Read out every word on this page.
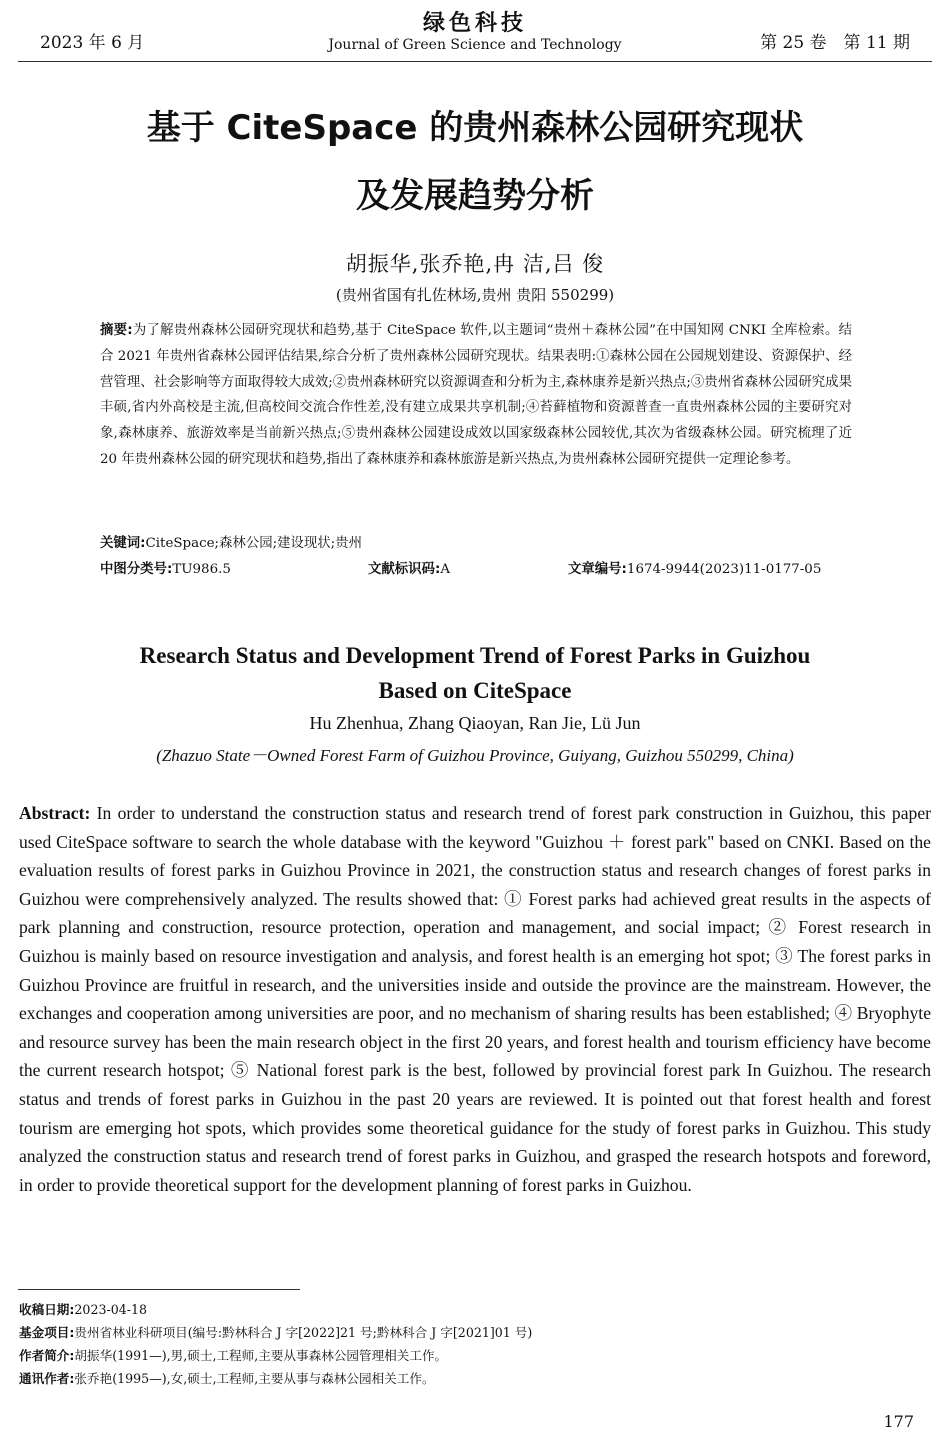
2023 年 6 月
绿色科技
Journal of Green Science and Technology	第 25 卷　第 11 期
基于 CiteSpace 的贵州森林公园研究现状
及发展趋势分析
胡振华,张乔艳,冉 洁,吕 俊
(贵州省国有扎佐林场,贵州 贵阳 550299)
摘要:为了解贵州森林公园研究现状和趋势,基于 CiteSpace 软件,以主题词“贵州＋森林公园”在中国知网 CNKI 全库检索。结合 2021 年贵州省森林公园评估结果,综合分析了贵州森林公园研究现状。结果表明:①森林公园在公园规划建设、资源保护、经营管理、社会影响等方面取得较大成效;②贵州森林研究以资源调查和分析为主,森林康养是新兴热点;③贵州省森林公园研究成果丰硕,省内外高校是主流,但高校间交流合作性差,没有建立成果共享机制;④苔藓植物和资源普查一直贵州森林公园的主要研究对象,森林康养、旅游效率是当前新兴热点;⑤贵州森林公园建设成效以国家级森林公园较优,其次为省级森林公园。研究梳理了近 20 年贵州森林公园的研究现状和趋势,指出了森林康养和森林旅游是新兴热点,为贵州森林公园研究提供一定理论参考。
关键词:CiteSpace;森林公园;建设现状;贵州
中图分类号:TU986.5	文献标识码:A	文章编号:1674-9944(2023)11-0177-05
Research Status and Development Trend of Forest Parks in Guizhou
Based on CiteSpace
Hu Zhenhua, Zhang Qiaoyan, Ran Jie, Lü Jun
(Zhazuo State－Owned Forest Farm of Guizhou Province, Guiyang, Guizhou 550299, China)
Abstract: In order to understand the construction status and research trend of forest park construction in Guizhou, this paper used CiteSpace software to search the whole database with the keyword "Guizhou ＋ forest park" based on CNKI. Based on the evaluation results of forest parks in Guizhou Province in 2021, the construction status and research changes of forest parks in Guizhou were comprehensively analyzed. The results showed that: ① Forest parks had achieved great results in the aspects of park planning and construction, resource protection, operation and management, and social impact; ② Forest research in Guizhou is mainly based on resource investigation and analysis, and forest health is an emerging hot spot; ③ The forest parks in Guizhou Province are fruitful in research, and the universities inside and outside the province are the mainstream. However, the exchanges and cooperation among universities are poor, and no mechanism of sharing results has been established; ④ Bryophyte and resource survey has been the main research object in the first 20 years, and forest health and tourism efficiency have become the current research hotspot; ⑤ National forest park is the best, followed by provincial forest park In Guizhou. The research status and trends of forest parks in Guizhou in the past 20 years are reviewed. It is pointed out that forest health and forest tourism are emerging hot spots, which provides some theoretical guidance for the study of forest parks in Guizhou. This study analyzed the construction status and research trend of forest parks in Guizhou, and grasped the research hotspots and foreword, in order to provide theoretical support for the development planning of forest parks in Guizhou.
收稿日期:2023-04-18
基金项目:贵州省林业科研项目(编号:黔林科合 J 字[2022]21 号;黔林科合 J 字[2021]01 号)
作者简介:胡振华(1991—),男,硕士,工程师,主要从事森林公园管理相关工作。
通讯作者:张乔艳(1995—),女,硕士,工程师,主要从事与森林公园相关工作。
177
